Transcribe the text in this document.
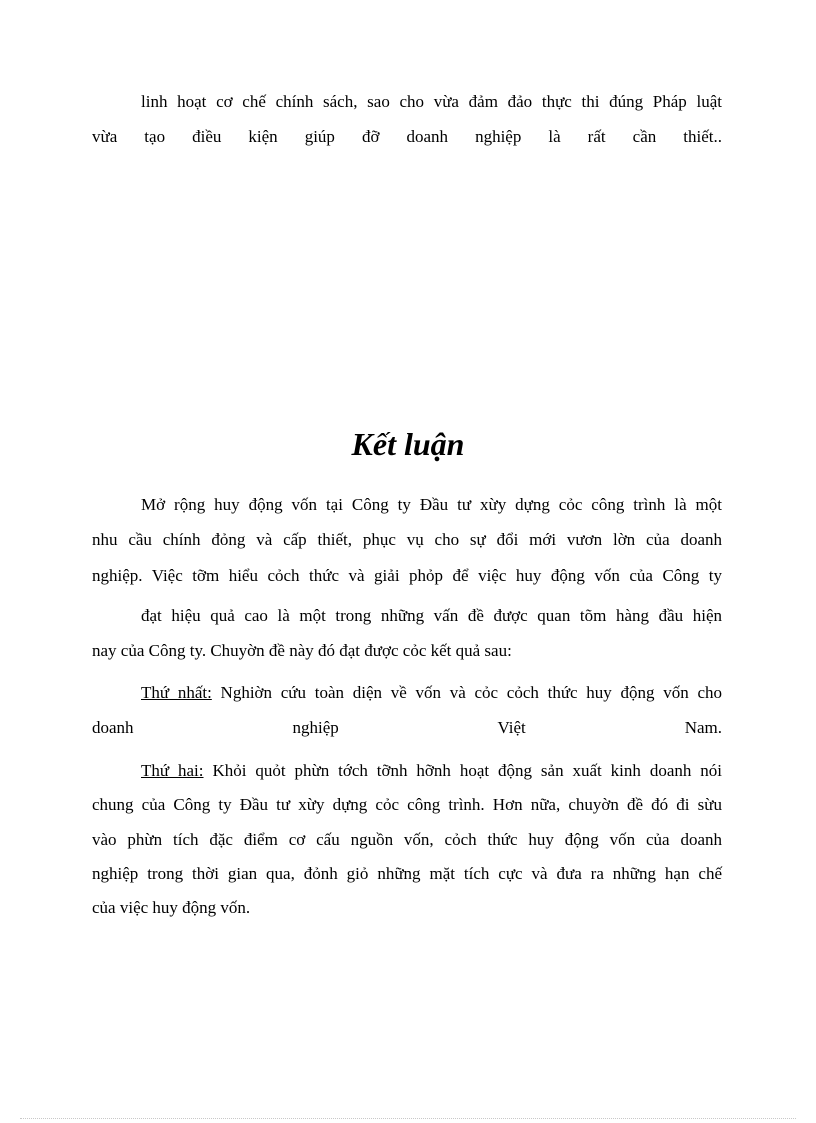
linh hoạt cơ chế chính sách, sao cho vừa đảm đảo thực thi đúng Pháp luật
vừa tạo điều kiện giúp đỡ doanh nghiệp là rất cần thiết..
Kết luận
Mở rộng huy động vốn tại Công ty Đầu tư xừy dựng cỏc công trình là một
nhu cầu chính đỏng và cấp thiết, phục vụ cho sự đổi mới vươn lờn của doanh
nghiệp. Việc tỡm hiểu cỏch thức và giải phỏp để việc huy động vốn của Công ty
đạt hiệu quả cao là một trong những vấn đề được quan tõm hàng đầu hiện
nay của Công ty. Chuyờn đề này đó đạt được cỏc kết quả sau:
Thứ nhất: Nghiờn cứu toàn diện về vốn và cỏc cỏch thức huy động vốn cho
doanh	nghiệp	Việt	Nam.
Thứ hai: Khỏi quỏt phừn tớch tỡnh hỡnh hoạt động sản xuất kinh doanh nói
chung của Công ty Đầu tư xừy dựng cỏc công trình. Hơn nữa, chuyờn đề đó đi sừu
vào phừn tích đặc điểm cơ cấu nguồn vốn, cỏch thức huy động vốn của doanh
nghiệp trong thời gian qua, đỏnh giỏ những mặt tích cực và đưa ra những hạn chế
của việc huy động vốn.
